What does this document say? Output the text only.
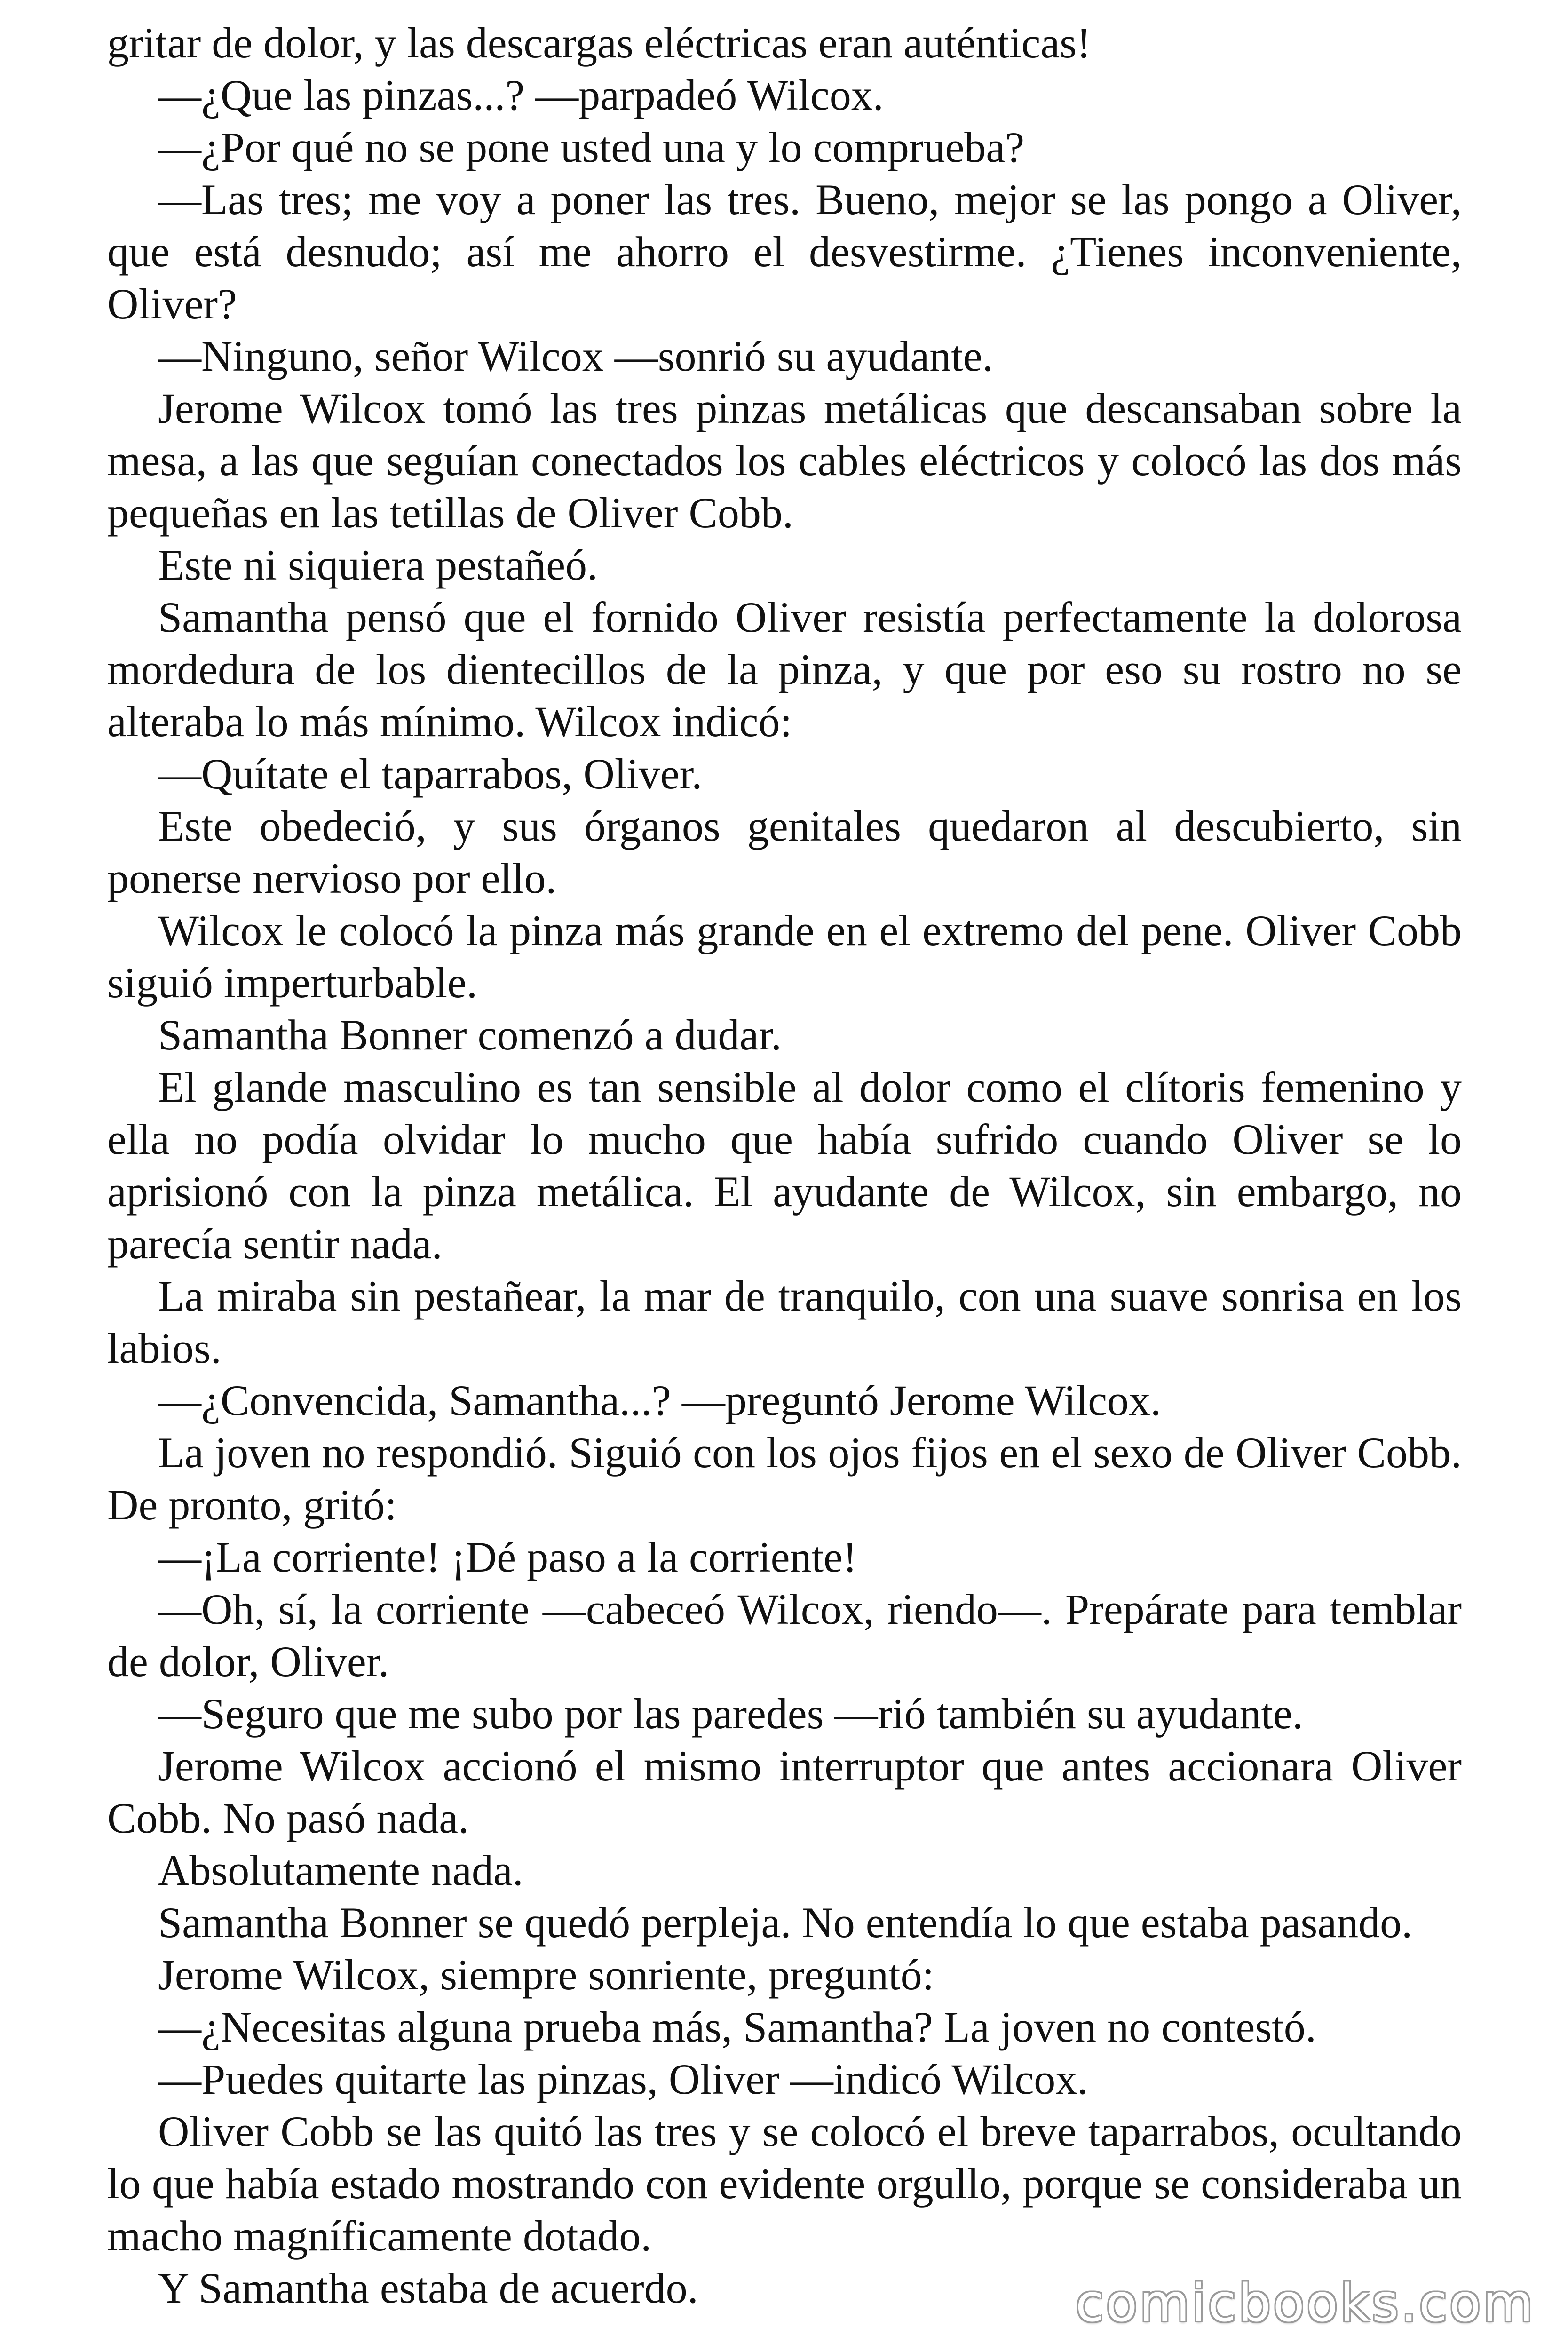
gritar de dolor, y las descargas eléctricas eran auténticas!

—¿Que las pinzas...? —parpadeó Wilcox.

—¿Por qué no se pone usted una y lo comprueba?

—Las tres; me voy a poner las tres. Bueno, mejor se las pongo a Oliver, que está desnudo; así me ahorro el desvestirme. ¿Tienes inconveniente, Oliver?

—Ninguno, señor Wilcox —sonrió su ayudante.

Jerome Wilcox tomó las tres pinzas metálicas que descansaban sobre la mesa, a las que seguían conectados los cables eléctricos y colocó las dos más pequeñas en las tetillas de Oliver Cobb.

Este ni siquiera pestañeó.

Samantha pensó que el fornido Oliver resistía perfectamente la dolorosa mordedura de los dientecillos de la pinza, y que por eso su rostro no se alteraba lo más mínimo. Wilcox indicó:

—Quítate el taparrabos, Oliver.

Este obedeció, y sus órganos genitales quedaron al descubierto, sin ponerse nervioso por ello.

Wilcox le colocó la pinza más grande en el extremo del pene. Oliver Cobb siguió imperturbable.

Samantha Bonner comenzó a dudar.

El glande masculino es tan sensible al dolor como el clítoris femenino y ella no podía olvidar lo mucho que había sufrido cuando Oliver se lo aprisionó con la pinza metálica. El ayudante de Wilcox, sin embargo, no parecía sentir nada.

La miraba sin pestañear, la mar de tranquilo, con una suave sonrisa en los labios.

—¿Convencida, Samantha...? —preguntó Jerome Wilcox.

La joven no respondió. Siguió con los ojos fijos en el sexo de Oliver Cobb. De pronto, gritó:

—¡La corriente! ¡Dé paso a la corriente!

—Oh, sí, la corriente —cabeceó Wilcox, riendo—. Prepárate para temblar de dolor, Oliver.

—Seguro que me subo por las paredes —rió también su ayudante.

Jerome Wilcox accionó el mismo interruptor que antes accionara Oliver Cobb. No pasó nada.

Absolutamente nada.

Samantha Bonner se quedó perpleja. No entendía lo que estaba pasando.

Jerome Wilcox, siempre sonriente, preguntó:

—¿Necesitas alguna prueba más, Samantha? La joven no contestó.

—Puedes quitarte las pinzas, Oliver —indicó Wilcox.

Oliver Cobb se las quitó las tres y se colocó el breve taparrabos, ocultando lo que había estado mostrando con evidente orgullo, porque se consideraba un macho magníficamente dotado.

Y Samantha estaba de acuerdo.	comicbooks.com
